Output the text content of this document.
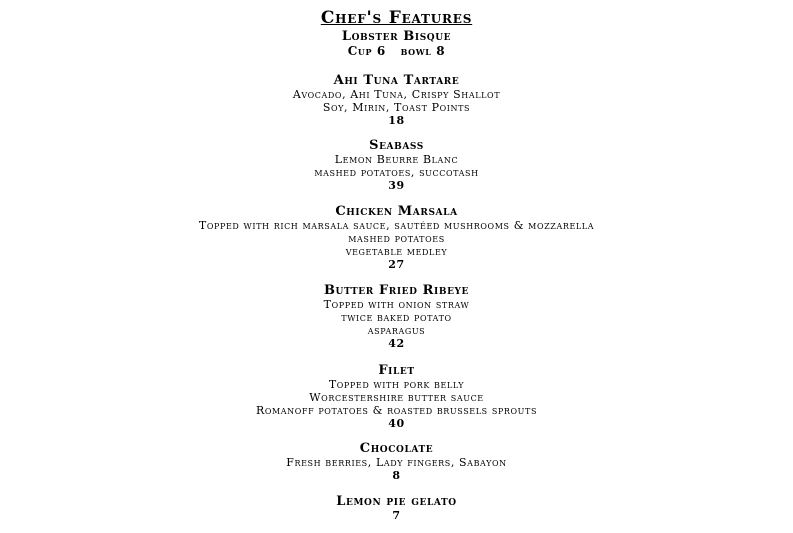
Chef's Features
Lobster Bisque
Cup 6 bowl 8
Ahi Tuna Tartare
Avocado, Ahi Tuna, Crispy Shallot
Soy, Mirin, Toast Points
18
Seabass
Lemon Beurre Blanc
mashed potatoes, succotash
39
Chicken Marsala
Topped with rich marsala sauce, sautéed mushrooms & mozzarella
mashed potatoes
vegetable medley
27
Butter Fried Ribeye
Topped with onion straw
twice baked potato
asparagus
42
Filet
Topped with pork belly
Worcestershire butter sauce
Romanoff potatoes & roasted brussels sprouts
40
Chocolate
Fresh berries, Lady fingers, Sabayon
8
Lemon pie gelato
7
